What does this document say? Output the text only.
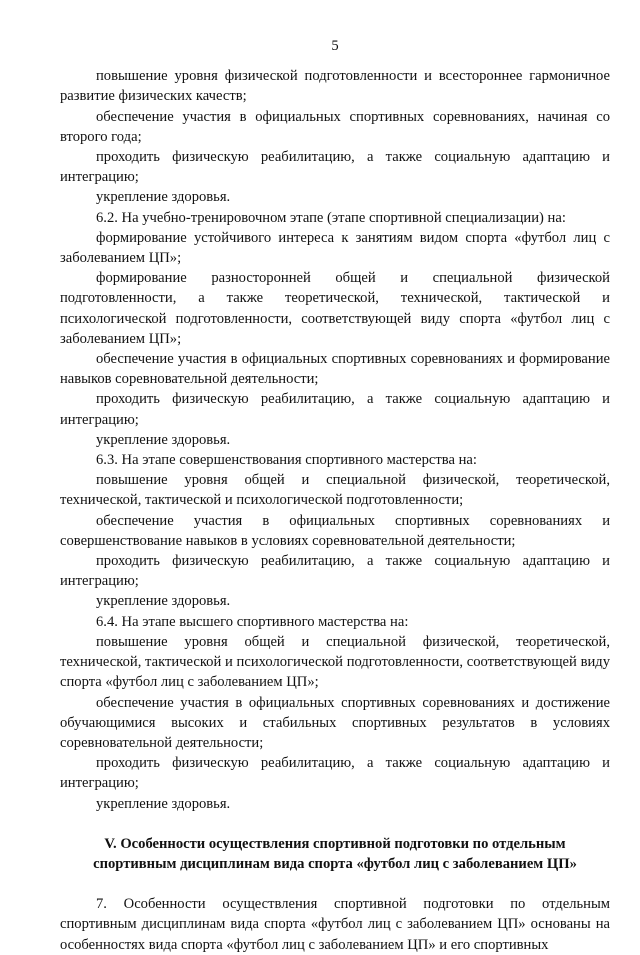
5

повышение уровня физической подготовленности и всестороннее гармоничное развитие физических качеств;

обеспечение участия в официальных спортивных соревнованиях, начиная со второго года;

проходить физическую реабилитацию, а также социальную адаптацию и интеграцию;

укрепление здоровья.

6.2. На учебно-тренировочном этапе (этапе спортивной специализации) на:

формирование устойчивого интереса к занятиям видом спорта «футбол лиц с заболеванием ЦП»;

формирование разносторонней общей и специальной физической подготовленности, а также теоретической, технической, тактической и психологической подготовленности, соответствующей виду спорта «футбол лиц с заболеванием ЦП»;

обеспечение участия в официальных спортивных соревнованиях и формирование навыков соревновательной деятельности;

проходить физическую реабилитацию, а также социальную адаптацию и интеграцию;

укрепление здоровья.

6.3. На этапе совершенствования спортивного мастерства на:

повышение уровня общей и специальной физической, теоретической, технической, тактической и психологической подготовленности;

обеспечение участия в официальных спортивных соревнованиях и совершенствование навыков в условиях соревновательной деятельности;

проходить физическую реабилитацию, а также социальную адаптацию и интеграцию;

укрепление здоровья.

6.4. На этапе высшего спортивного мастерства на:

повышение уровня общей и специальной физической, теоретической, технической, тактической и психологической подготовленности, соответствующей виду спорта «футбол лиц с заболеванием ЦП»;

обеспечение участия в официальных спортивных соревнованиях и достижение обучающимися высоких и стабильных спортивных результатов в условиях соревновательной деятельности;

проходить физическую реабилитацию, а также социальную адаптацию и интеграцию;

укрепление здоровья.

V. Особенности осуществления спортивной подготовки по отдельным спортивным дисциплинам вида спорта «футбол лиц с заболеванием ЦП»

7. Особенности осуществления спортивной подготовки по отдельным спортивным дисциплинам вида спорта «футбол лиц с заболеванием ЦП» основаны на особенностях вида спорта «футбол лиц с заболеванием ЦП» и его спортивных
